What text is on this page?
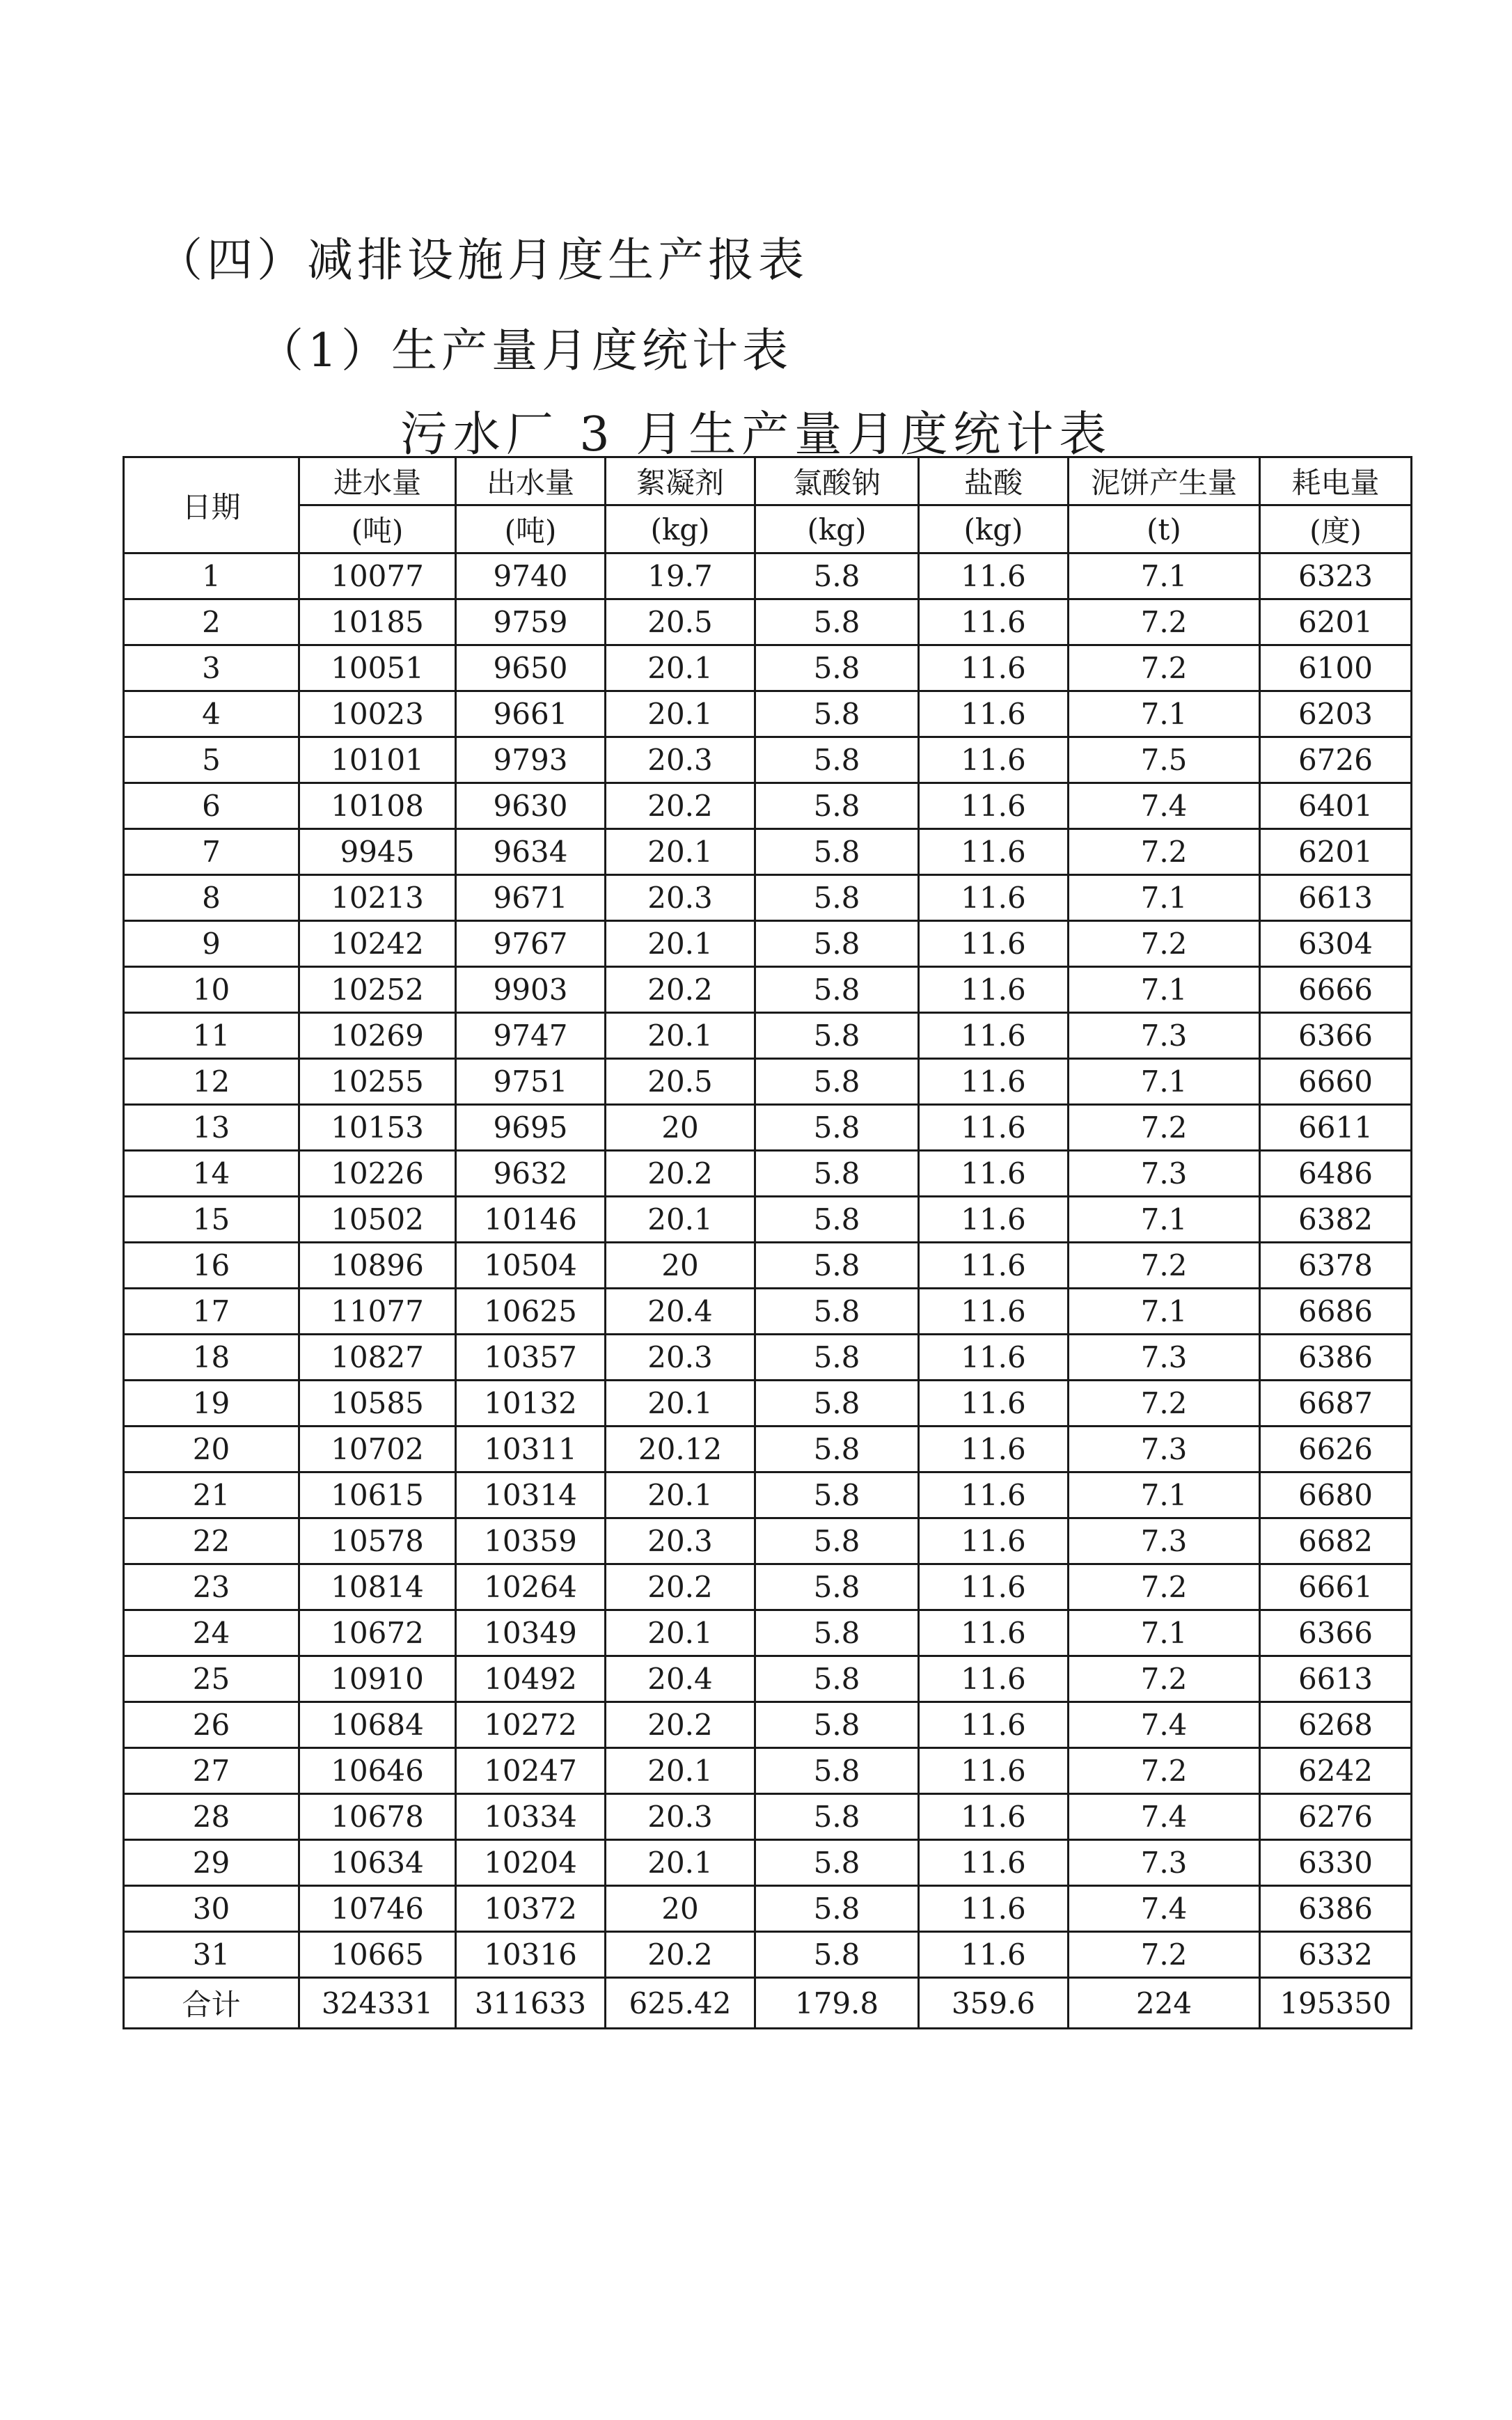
（四）减排设施月度生产报表
（1）生产量月度统计表
污水厂 3 月生产量月度统计表
日期	进水量	出水量	絮凝剂	氯酸钠	盐酸	泥饼产生量	耗电量
	(吨)	(吨)	(kg)	(kg)	(kg)	(t)	(度)
1	10077	9740	19.7	5.8	11.6	7.1	6323
2	10185	9759	20.5	5.8	11.6	7.2	6201
3	10051	9650	20.1	5.8	11.6	7.2	6100
4	10023	9661	20.1	5.8	11.6	7.1	6203
5	10101	9793	20.3	5.8	11.6	7.5	6726
6	10108	9630	20.2	5.8	11.6	7.4	6401
7	9945	9634	20.1	5.8	11.6	7.2	6201
8	10213	9671	20.3	5.8	11.6	7.1	6613
9	10242	9767	20.1	5.8	11.6	7.2	6304
10	10252	9903	20.2	5.8	11.6	7.1	6666
11	10269	9747	20.1	5.8	11.6	7.3	6366
12	10255	9751	20.5	5.8	11.6	7.1	6660
13	10153	9695	20	5.8	11.6	7.2	6611
14	10226	9632	20.2	5.8	11.6	7.3	6486
15	10502	10146	20.1	5.8	11.6	7.1	6382
16	10896	10504	20	5.8	11.6	7.2	6378
17	11077	10625	20.4	5.8	11.6	7.1	6686
18	10827	10357	20.3	5.8	11.6	7.3	6386
19	10585	10132	20.1	5.8	11.6	7.2	6687
20	10702	10311	20.12	5.8	11.6	7.3	6626
21	10615	10314	20.1	5.8	11.6	7.1	6680
22	10578	10359	20.3	5.8	11.6	7.3	6682
23	10814	10264	20.2	5.8	11.6	7.2	6661
24	10672	10349	20.1	5.8	11.6	7.1	6366
25	10910	10492	20.4	5.8	11.6	7.2	6613
26	10684	10272	20.2	5.8	11.6	7.4	6268
27	10646	10247	20.1	5.8	11.6	7.2	6242
28	10678	10334	20.3	5.8	11.6	7.4	6276
29	10634	10204	20.1	5.8	11.6	7.3	6330
30	10746	10372	20	5.8	11.6	7.4	6386
31	10665	10316	20.2	5.8	11.6	7.2	6332
合计	324331	311633	625.42	179.8	359.6	224	195350
